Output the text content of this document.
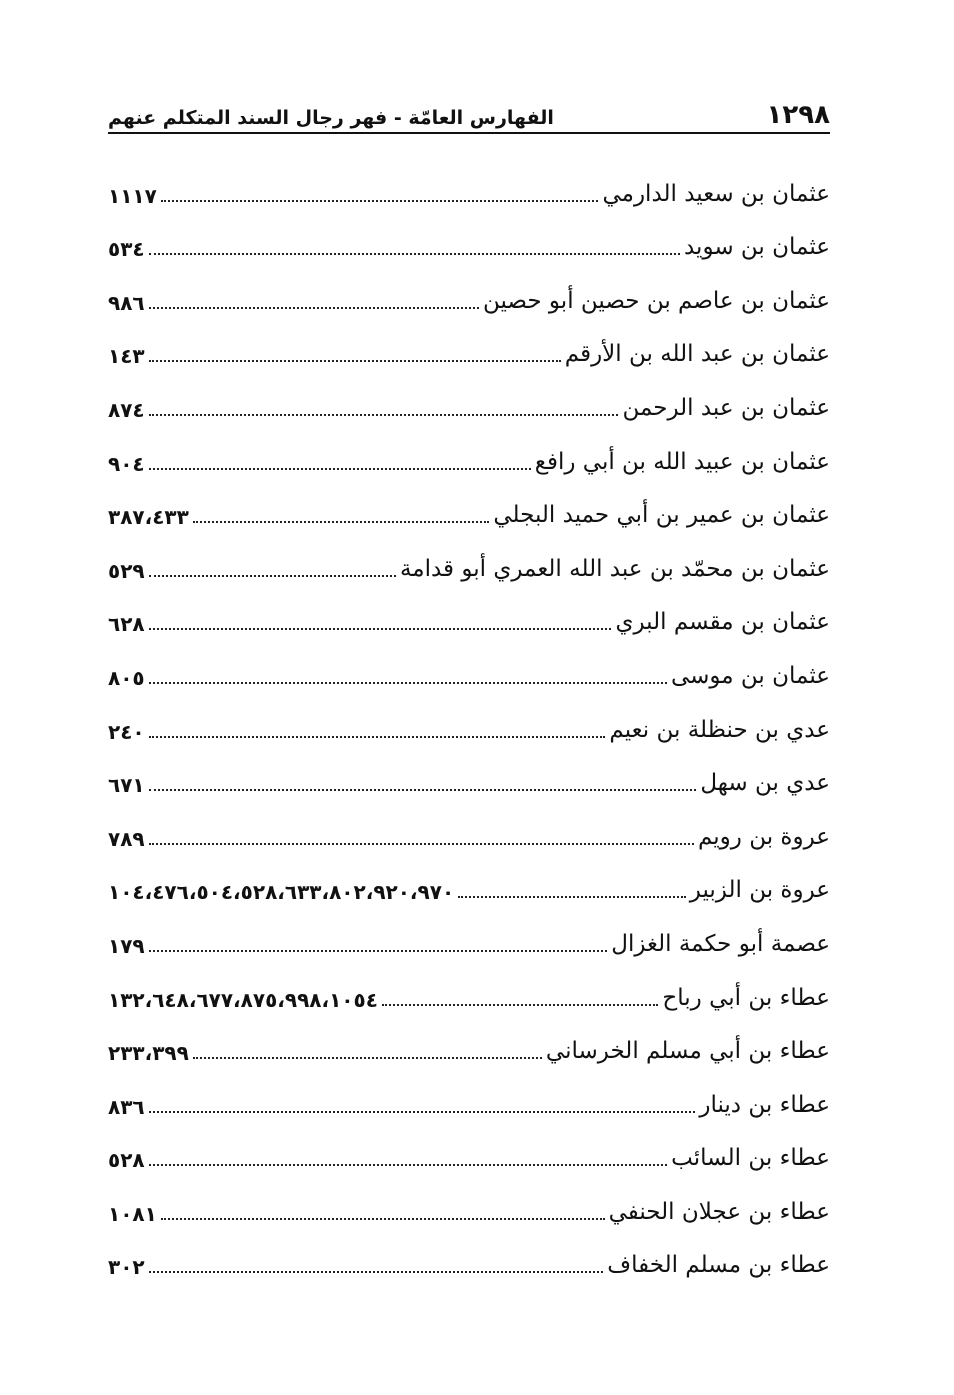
١٢٩٨
الفهارس العامّة - فهر رجال السند المتكلم عنهم
عثمان بن سعيد الدارمي
١١١٧
عثمان بن سويد
٥٣٤
عثمان بن عاصم بن حصين أبو حصين
٩٨٦
عثمان بن عبد الله بن الأرقم
١٤٣
عثمان بن عبد الرحمن
٨٧٤
عثمان بن عبيد الله بن أبي رافع
٩٠٤
عثمان بن عمير بن أبي حميد البجلي
٣٨٧،٤٣٣
عثمان بن محمّد بن عبد الله العمري أبو قدامة
٥٢٩
عثمان بن مقسم البري
٦٢٨
عثمان بن موسى
٨٠٥
عدي بن حنظلة بن نعيم
٢٤٠
عدي بن سهل
٦٧١
عروة بن رويم
٧٨٩
عروة بن الزبير
١٠٤،٤٧٦،٥٠٤،٥٢٨،٦٣٣،٨٠٢،٩٢٠،٩٧٠
عصمة أبو حكمة الغزال
١٧٩
عطاء بن أبي رباح
١٣٢،٦٤٨،٦٧٧،٨٧٥،٩٩٨،١٠٥٤
عطاء بن أبي مسلم الخرساني
٢٣٣،٣٩٩
عطاء بن دينار
٨٣٦
عطاء بن السائب
٥٢٨
عطاء بن عجلان الحنفي
١٠٨١
عطاء بن مسلم الخفاف
٣٠٢
